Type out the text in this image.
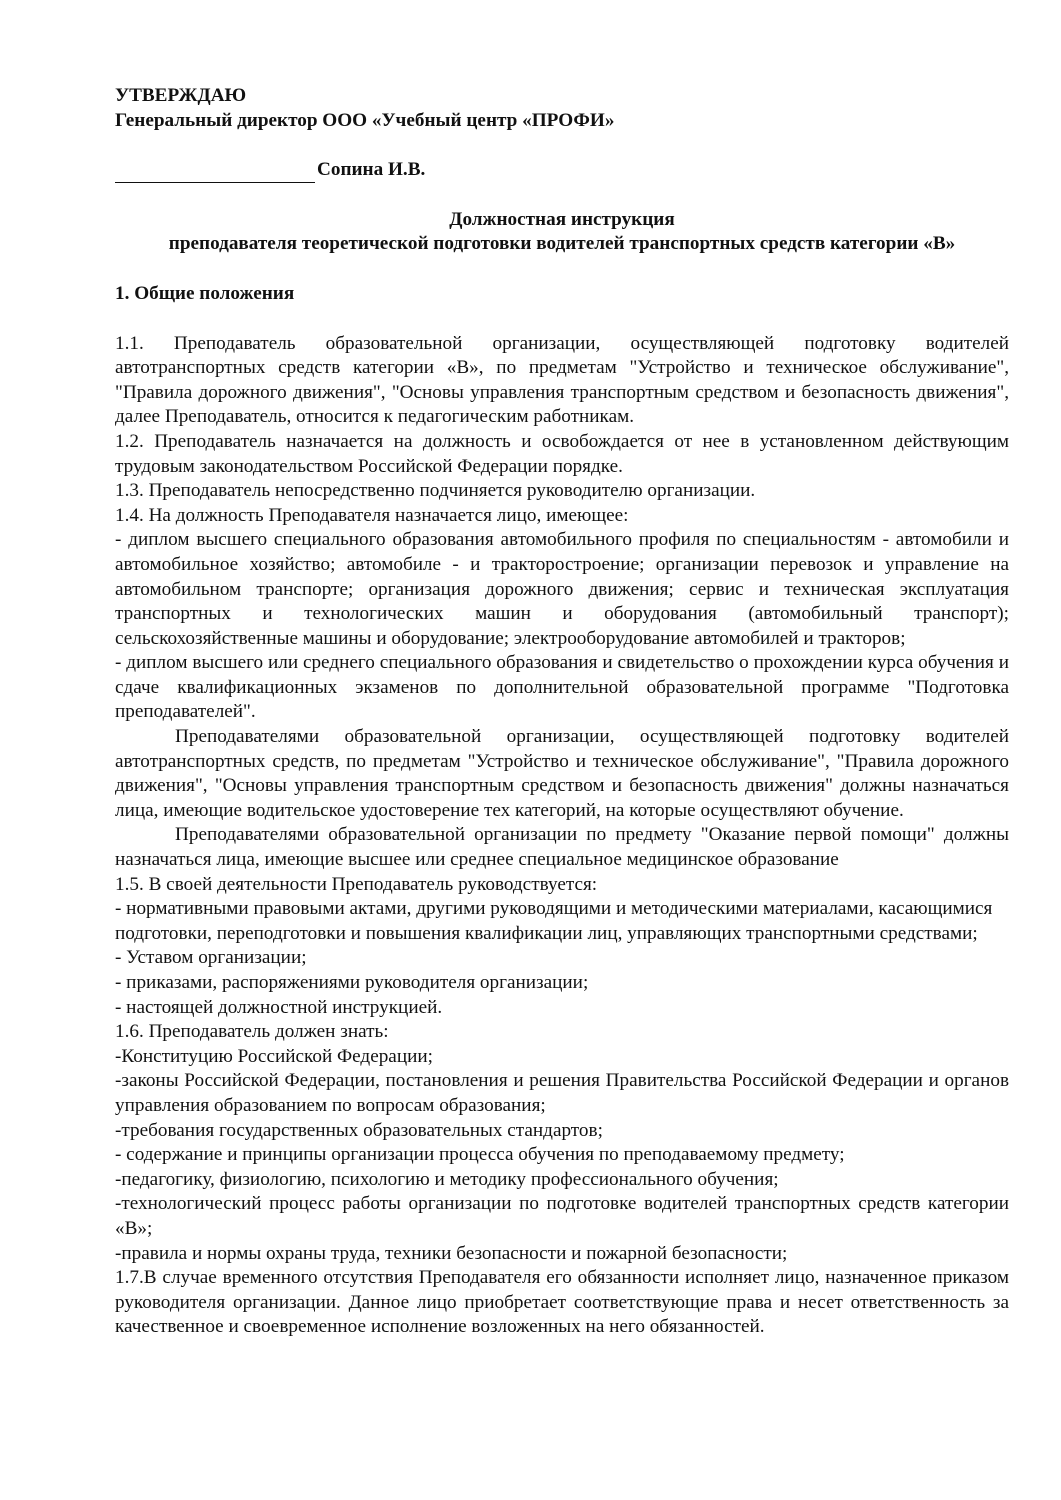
УТВЕРЖДАЮ
Генеральный директор ООО «Учебный центр «ПРОФИ»
Сопина И.В.
Должностная инструкция
преподавателя теоретической подготовки водителей транспортных средств категории «В»
1. Общие положения

1.1. Преподаватель образовательной организации, осуществляющей подготовку водителей автотранспортных средств категории «В», по предметам "Устройство и техническое обслуживание", "Правила дорожного движения", "Основы управления транспортным средством и безопасность движения", далее Преподаватель, относится к педагогическим работникам.

1.2. Преподаватель назначается на должность и освобождается от нее в установленном действующим трудовым законодательством Российской Федерации порядке.

1.3. Преподаватель непосредственно подчиняется руководителю организации.

1.4. На должность Преподавателя назначается лицо, имеющее:

- диплом высшего специального образования автомобильного профиля по специальностям - автомобили и автомобильное хозяйство; автомобиле - и тракторостроение; организации перевозок и управление на автомобильном транспорте; организация дорожного движения; сервис и техническая эксплуатация транспортных и технологических машин и оборудования (автомобильный транспорт); сельскохозяйственные машины и оборудование; электрооборудование автомобилей и тракторов;

- диплом высшего или среднего специального образования и свидетельство о прохождении курса обучения и сдаче квалификационных экзаменов по дополнительной образовательной программе "Подготовка преподавателей".

Преподавателями образовательной организации, осуществляющей подготовку водителей автотранспортных средств, по предметам "Устройство и техническое обслуживание", "Правила дорожного движения", "Основы управления транспортным средством и безопасность движения" должны назначаться лица, имеющие водительское удостоверение тех категорий, на которые осуществляют обучение.

Преподавателями образовательной организации по предмету "Оказание первой помощи" должны назначаться лица, имеющие высшее или среднее специальное медицинское образование

1.5. В своей деятельности Преподаватель руководствуется:

- нормативными правовыми актами, другими руководящими и методическими материалами, касающимися подготовки, переподготовки и повышения квалификации лиц, управляющих транспортными средствами;

- Уставом организации;

- приказами, распоряжениями руководителя организации;

- настоящей должностной инструкцией.

1.6. Преподаватель должен знать:

-Конституцию Российской Федерации;

-законы Российской Федерации, постановления и решения Правительства Российской Федерации и органов управления образованием по вопросам образования;

-требования государственных образовательных стандартов;

- содержание и принципы организации процесса обучения по преподаваемому предмету;

-педагогику, физиологию, психологию и методику профессионального обучения;

-технологический процесс работы организации по подготовке водителей транспортных средств категории «В»;

-правила и нормы охраны труда, техники безопасности и пожарной безопасности;

1.7.В случае временного отсутствия Преподавателя его обязанности исполняет лицо, назначенное приказом руководителя организации. Данное лицо приобретает соответствующие права и несет ответственность за качественное и своевременное исполнение возложенных на него обязанностей.
